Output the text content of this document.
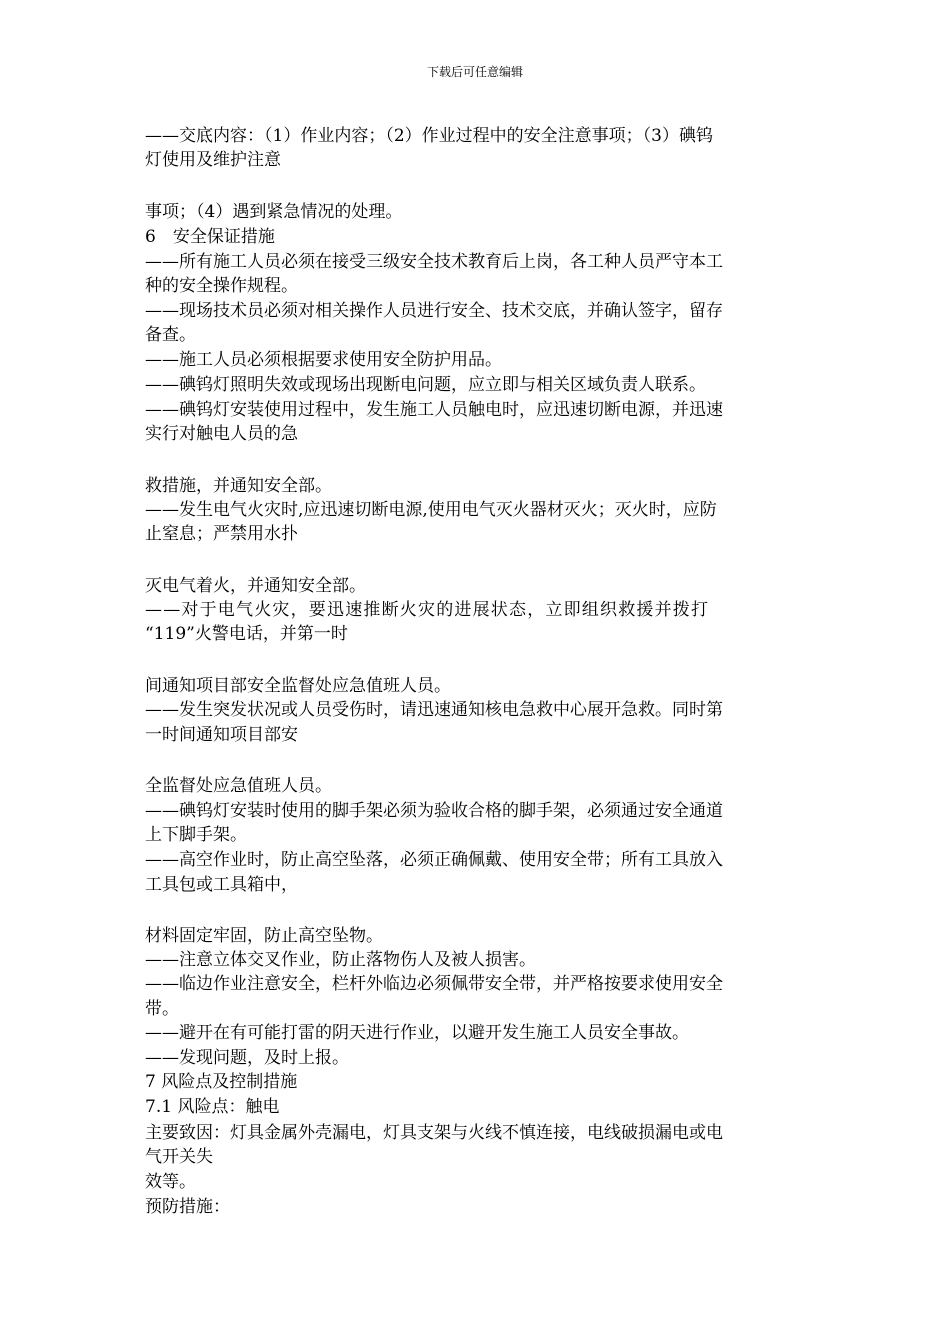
下载后可任意编辑
——交底内容：（1）作业内容；（2）作业过程中的安全注意事项；（3）碘钨
灯使用及维护注意
事项；（4）遇到紧急情况的处理。
6　安全保证措施
——所有施工人员必须在接受三级安全技术教育后上岗，各工种人员严守本工
种的安全操作规程。
——现场技术员必须对相关操作人员进行安全、技术交底，并确认签字，留存
备查。
——施工人员必须根据要求使用安全防护用品。
——碘钨灯照明失效或现场出现断电问题，应立即与相关区域负责人联系。
——碘钨灯安装使用过程中，发生施工人员触电时，应迅速切断电源，并迅速
实行对触电人员的急
救措施，并通知安全部。
——发生电气火灾时,应迅速切断电源,使用电气灭火器材灭火；灭火时，应防
止窒息；严禁用水扑
灭电气着火，并通知安全部。
——对于电气火灾，要迅速推断火灾的进展状态，立即组织救援并拨打
“119”火警电话，并第一时
间通知项目部安全监督处应急值班人员。
——发生突发状况或人员受伤时，请迅速通知核电急救中心展开急救。同时第
一时间通知项目部安
全监督处应急值班人员。
——碘钨灯安装时使用的脚手架必须为验收合格的脚手架，必须通过安全通道
上下脚手架。
——高空作业时，防止高空坠落，必须正确佩戴、使用安全带；所有工具放入
工具包或工具箱中，
材料固定牢固，防止高空坠物。
——注意立体交叉作业，防止落物伤人及被人损害。
——临边作业注意安全，栏杆外临边必须佩带安全带，并严格按要求使用安全
带。
——避开在有可能打雷的阴天进行作业，以避开发生施工人员安全事故。
——发现问题，及时上报。
7 风险点及控制措施
7.1 风险点：触电
主要致因：灯具金属外壳漏电，灯具支架与火线不慎连接，电线破损漏电或电
气开关失
效等。
预防措施：
